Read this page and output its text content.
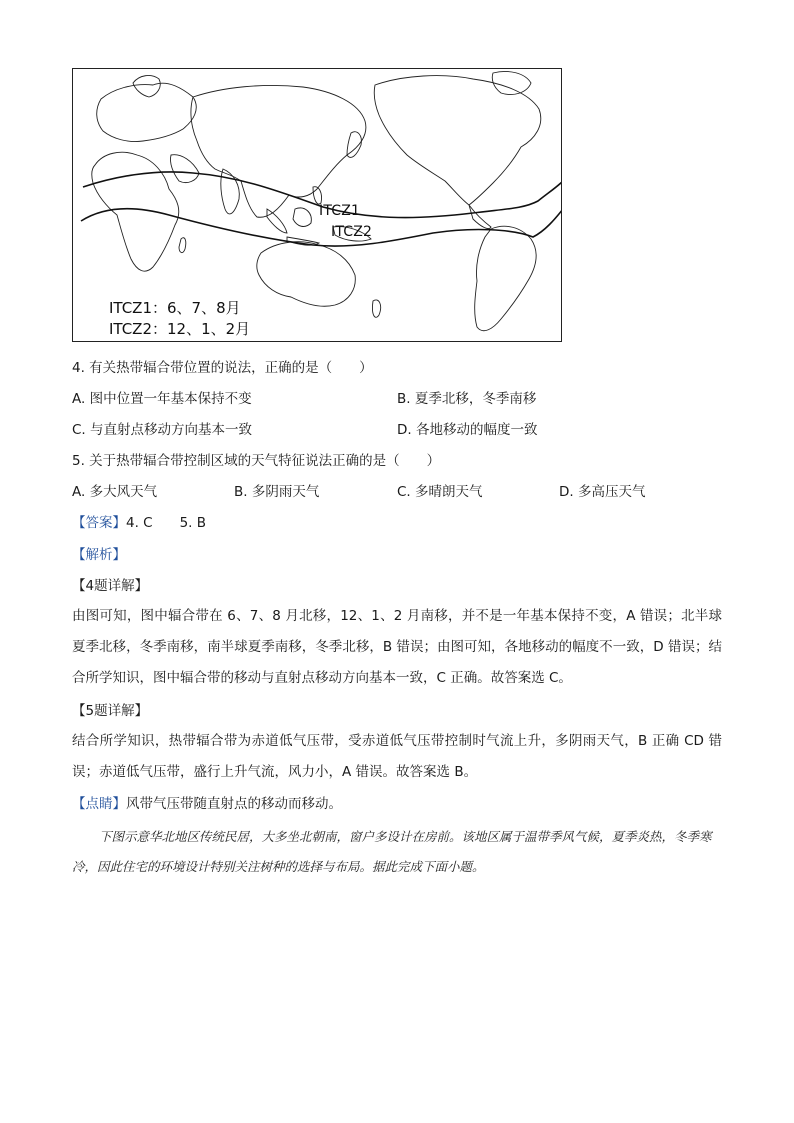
ITCZ1
ITCZ2
ITCZ1：6、7、8月
ITCZ2：12、1、2月
4. 有关热带辐合带位置的说法，正确的是（　　）
A. 图中位置一年基本保持不变	B. 夏季北移，冬季南移
C. 与直射点移动方向基本一致	D. 各地移动的幅度一致
5. 关于热带辐合带控制区域的天气特征说法正确的是（　　）
A. 多大风天气	B. 多阴雨天气	C. 多晴朗天气	D. 多高压天气
【答案】4. C　　5. B
【解析】
【4题详解】
由图可知，图中辐合带在 6、7、8 月北移，12、1、2 月南移，并不是一年基本保持不变，A 错误；北半球夏季北移，冬季南移，南半球夏季南移，冬季北移，B 错误；由图可知，各地移动的幅度不一致，D 错误；结合所学知识，图中辐合带的移动与直射点移动方向基本一致，C 正确。故答案选 C。
【5题详解】
结合所学知识，热带辐合带为赤道低气压带，受赤道低气压带控制时气流上升，多阴雨天气，B 正确 CD 错误；赤道低气压带，盛行上升气流，风力小，A 错误。故答案选 B。
【点睛】风带气压带随直射点的移动而移动。
下图示意华北地区传统民居，大多坐北朝南，窗户多设计在房前。该地区属于温带季风气候，夏季炎热，冬季寒冷，因此住宅的环境设计特别关注树种的选择与布局。据此完成下面小题。
